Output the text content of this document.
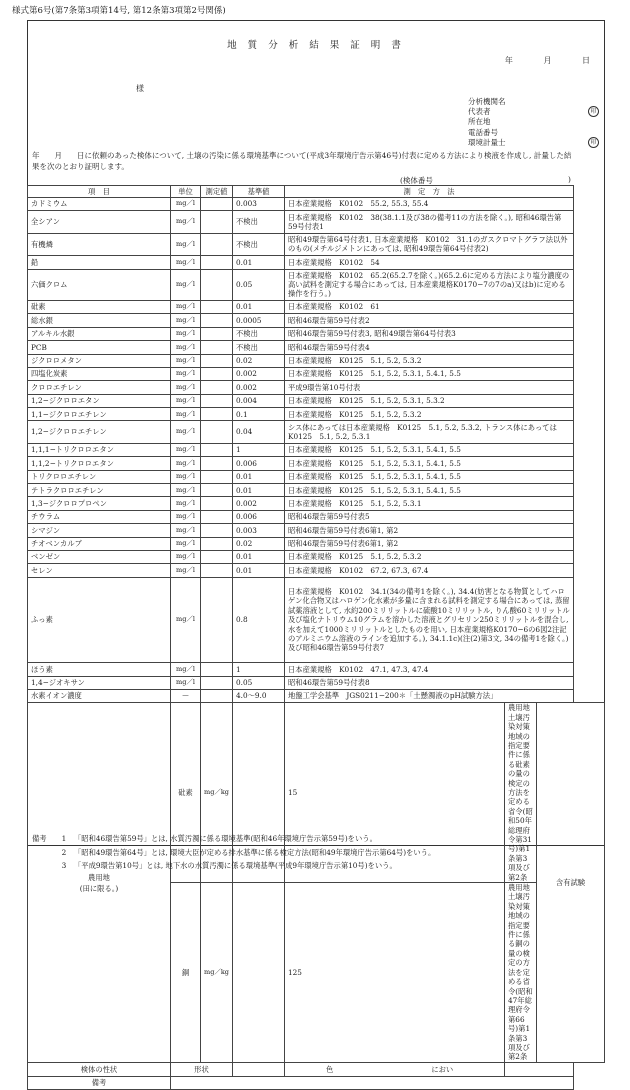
様式第6号(第7条第3項第14号, 第12条第3項第2号関係)
地 質 分 析 結 果 証 明 書
年 月 日
様
分析機関名
代表者	印
所在地
電話番号
環境計量士	印
年　　月　　日に依頼のあった検体について, 土壌の汚染に係る環境基準について(平成3年環境庁告示第46号)付表に定める方法により検液を作成し, 計量した結果を次のとおり証明します。
(検体番号	)
項　目	単位	測定値	基準値	測　定　方　法		
カドミウム	mg／l		0.003	日本産業規格　K0102　55.2, 55.3, 55.4		
全シアン	mg／l		不検出	日本産業規格　K0102　38(38.1.1及び38の備考11の方法を除く。), 昭和46環告第59号付表1		
有機燐	mg／l		不検出	昭和49環告第64号付表1, 日本産業規格　K0102　31.1のガスクロマトグラフ法以外のもの(メチルジメトンにあっては, 昭和49環告第64号付表2)		
鉛	mg／l		0.01	日本産業規格　K0102　54		
六価クロム	mg／l		0.05	日本産業規格　K0102　65.2(65.2.7を除く。)(65.2.6に定める方法により塩分濃度の高い試料を測定する場合にあっては, 日本産業規格K0170−7の7のa)又はb)に定める操作を行う。)		
砒素	mg／l		0.01	日本産業規格　K0102　61		
総水銀	mg／l		0.0005	昭和46環告第59号付表2		
アルキル水銀	mg／l		不検出	昭和46環告第59号付表3, 昭和49環告第64号付表3		
PCB	mg／l		不検出	昭和46環告第59号付表4		
ジクロロメタン	mg／l		0.02	日本産業規格　K0125　5.1, 5.2, 5.3.2		
四塩化炭素	mg／l		0.002	日本産業規格　K0125　5.1, 5.2, 5.3.1, 5.4.1, 5.5		
クロロエチレン	mg／l		0.002	平成9環告第10号付表		
1,2−ジクロロエタン	mg／l		0.004	日本産業規格　K0125　5.1, 5.2, 5.3.1, 5.3.2		
1,1−ジクロロエチレン	mg／l		0.1	日本産業規格　K0125　5.1, 5.2, 5.3.2		
1,2−ジクロロエチレン	mg／l		0.04	シス体にあっては日本産業規格　K0125　5.1, 5.2, 5.3.2, トランス体にあってはK0125　5.1, 5.2, 5.3.1		
1,1,1−トリクロロエタン	mg／l		1	日本産業規格　K0125　5.1, 5.2, 5.3.1, 5.4.1, 5.5		
1,1,2−トリクロロエタン	mg／l		0.006	日本産業規格　K0125　5.1, 5.2, 5.3.1, 5.4.1, 5.5		
トリクロロエチレン	mg／l		0.01	日本産業規格　K0125　5.1, 5.2, 5.3.1, 5.4.1, 5.5		
テトラクロロエチレン	mg／l		0.01	日本産業規格　K0125　5.1, 5.2, 5.3.1, 5.4.1, 5.5		
1,3−ジクロロプロペン	mg／l		0.002	日本産業規格　K0125　5.1, 5.2, 5.3.1		
チウラム	mg／l		0.006	昭和46環告第59号付表5		
シマジン	mg／l		0.003	昭和46環告第59号付表6第1, 第2		
チオベンカルブ	mg／l		0.02	昭和46環告第59号付表6第1, 第2		
ベンゼン	mg／l		0.01	日本産業規格　K0125　5.1, 5.2, 5.3.2		
セレン	mg／l		0.01	日本産業規格　K0102　67.2, 67.3, 67.4		
ふっ素	mg／l		0.8	日本産業規格　K0102　34.1(34の備考1を除く。), 34.4(妨害となる物質としてハロゲン化合物又はハロゲン化水素が多量に含まれる試料を測定する場合にあっては, 蒸留試薬溶液として, 水約200ミリリットルに硫酸10ミリリットル, りん酸60ミリリットル及び塩化ナトリウム10グラムを溶かした溶液とグリセリン250ミリリットルを混合し, 水を加えて1000ミリリットルとしたものを用い, 日本産業規格K0170−6の6図2注記のアルミニウム溶液のラインを追加する。), 34.1.1c)(注(2)第3文, 34の備考1を除く。)及び昭和46環告第59号付表7		
ほう素	mg／l		1	日本産業規格　K0102　47.1, 47.3, 47.4		
1,4−ジオキサン	mg／l		0.05	昭和46環告第59号付表8		
水素イオン濃度	—		4.0～9.0	地盤工学会基準　JGS0211−200＊「土懸濁液のpH試験方法」		

農用地
(田に限る。)	砒素	mg／kg		15	農用地土壌汚染対策地域の指定要件に係る砒素の量の検定の方法を定める省令(昭和50年総理府令第31号)第1条第3項及び第2条	含有試験
	銅	mg／kg		125	農用地土壌汚染対策地域の指定要件に係る銅の量の検定の方法を定める省令(昭和47年総理府令第66号)第1条第3項及び第2条	
検体の性状	形状			色 におい		
備考						
備考 1 「昭和46環告第59号」とは, 水質汚濁に係る環境基準(昭和46年環境庁告示第59号)をいう。
2 「昭和49環告第64号」とは, 環境大臣が定める排水基準に係る検定方法(昭和49年環境庁告示第64号)をいう。
3 「平成9環告第10号」とは, 地下水の水質汚濁に係る環境基準(平成9年環境庁告示第10号)をいう。
